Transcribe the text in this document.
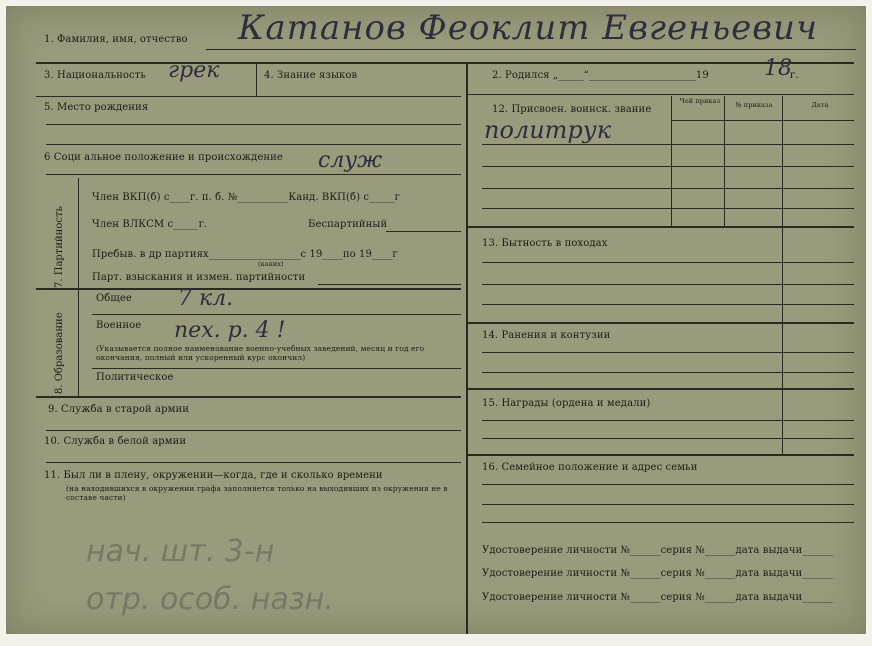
1. Фамилия, имя, отчество Катанов Феоклит Евгеньевич
3. Национальность грек	4. Знание языков
5. Место рождения
6 Соци альное положение и происхождение служ
7. Партийность
Член ВКП(б) с____г. п. б. №__________Канд. ВКП(б) с_____г
Член ВЛКСМ с_____г.	Беспартийный
Пребыв. в др партиях__________________с 19____по 19____г
(каких)
Парт. взыскания и измен. партийности
8. Образование
Общее 7 кл.
Военное пех. р. 4 !
(Указывается полное наименование военно-учебных заведений, месяц и год его окончания, полный или ускоренный курс окончил)
Политическое
9. Служба в старой армии
10. Служба в белой армии
11. Был ли в плену, окружении—когда, где и сколько времени
(на находившихся в окружении графа заполняется только на выходивших из окружения не в составе части)
нач. шт. 3-н
отр. особ. назн.
2. Родился „_____“_____________________19	18
г.
12. Присвоен. воинск. звание
Чей приказ	№ приказа	Дата
политрук
13. Бытность в походах
14. Ранения и контузии
15. Награды (ордена и медали)
16. Семейное положение и адрес семьи
Удостоверение личности №______серия №______дата выдачи______
Удостоверение личности №______серия №______дата выдачи______
Удостоверение личности №______серия №______дата выдачи______
